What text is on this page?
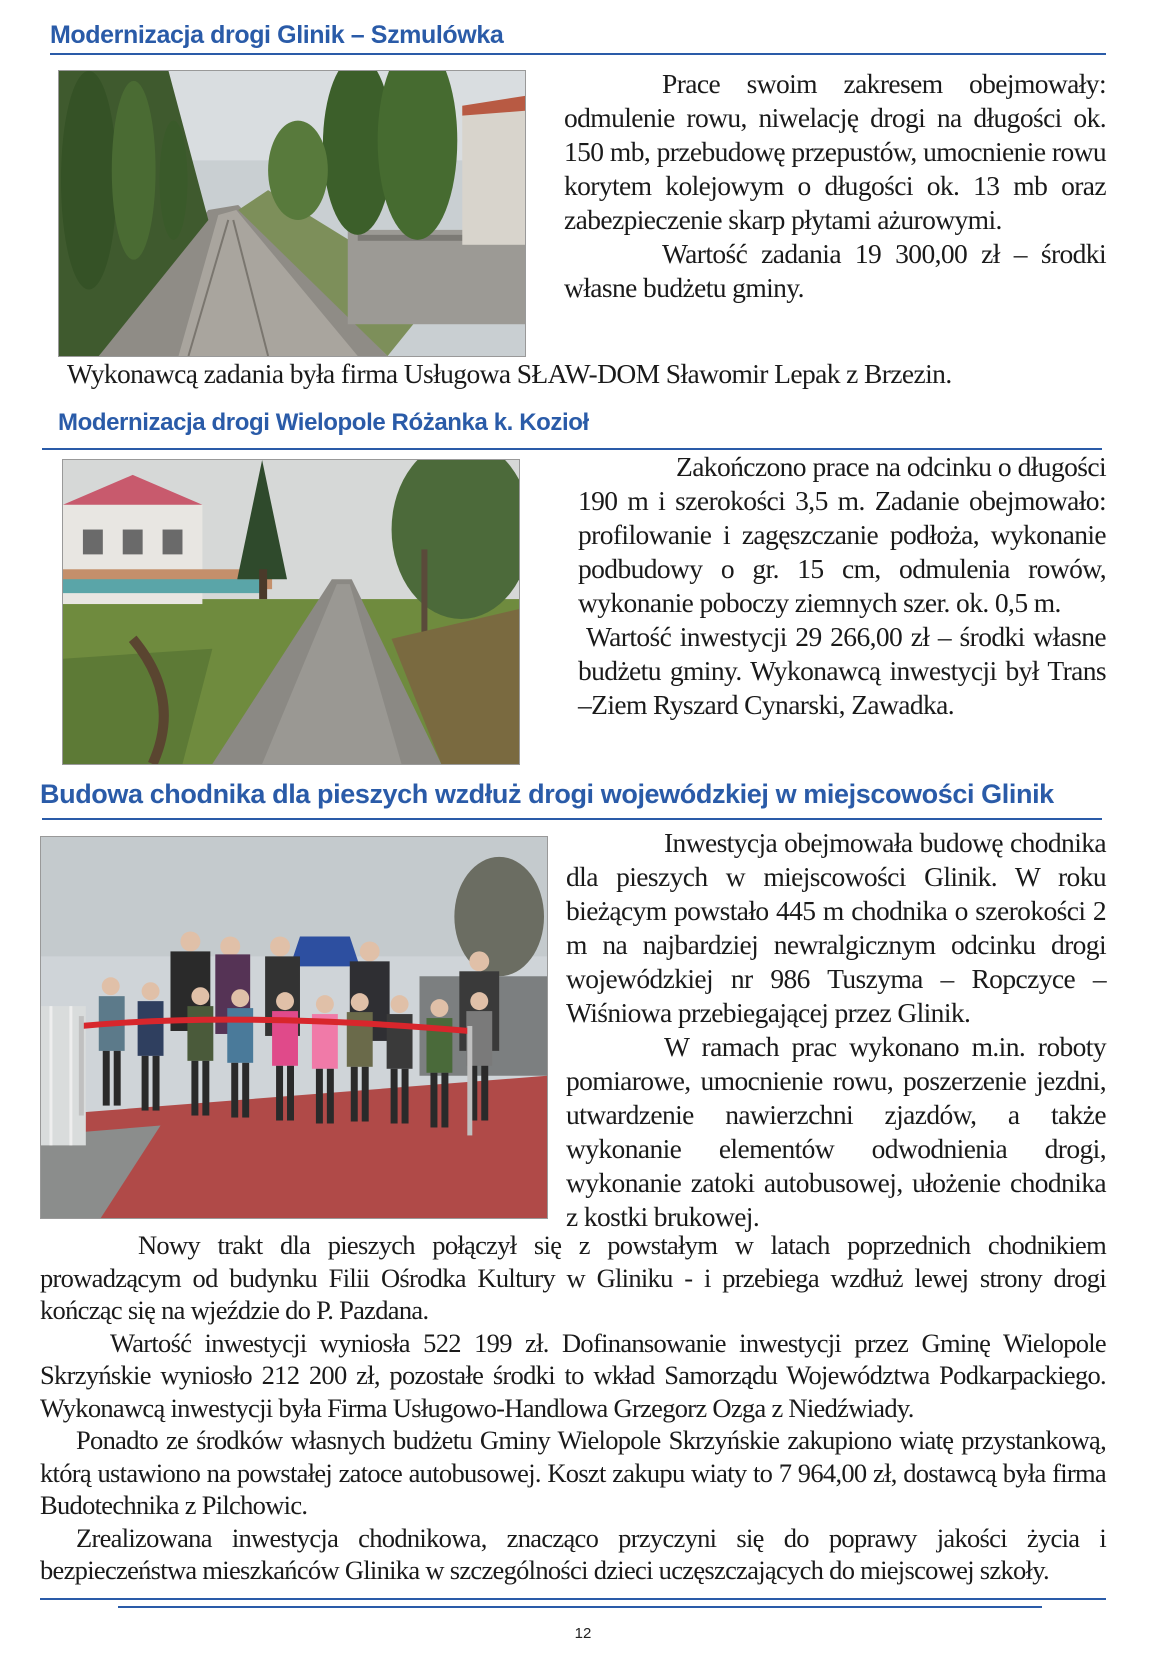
Modernizacja drogi Glinik – Szmulówka

Prace swoim zakresem obejmowały: odmulenie rowu, niwelację drogi na długości ok. 150 mb, przebudowę przepustów, umocnienie rowu korytem kolejowym o długości ok. 13 mb oraz zabezpieczenie skarp płytami ażurowymi.

Wartość zadania 19 300,00 zł – środki własne budżetu gminy.

Wykonawcą zadania była firma Usługowa SŁAW-DOM Sławomir Lepak z Brzezin.
Modernizacja drogi Wielopole Różanka k. Kozioł

Zakończono prace na odcinku o długości 190 m i szerokości 3,5 m. Zadanie obejmowało: profilowanie i zagęszczanie podłoża, wykonanie podbudowy o gr. 15 cm, odmulenia rowów, wykonanie poboczy ziemnych szer. ok. 0,5 m.

Wartość inwestycji 29 266,00 zł – środki własne budżetu gminy. Wykonawcą inwestycji był Trans –Ziem Ryszard Cynarski, Zawadka.

Budowa chodnika dla pieszych wzdłuż drogi wojewódzkiej w miejscowości Glinik

Inwestycja obejmowała budowę chodnika dla pieszych w miejscowości Glinik. W roku bieżącym powstało 445 m chodnika o szerokości 2 m na najbardziej newralgicznym odcinku drogi wojewódzkiej nr 986 Tuszyma – Ropczyce – Wiśniowa przebiegającej przez Glinik.

W ramach prac wykonano m.in. roboty pomiarowe, umocnienie rowu, poszerzenie jezdni, utwardzenie nawierzchni zjazdów, a także wykonanie elementów odwodnienia drogi, wykonanie zatoki autobusowej, ułożenie chodnika z kostki brukowej.

Nowy trakt dla pieszych połączył się z powstałym w latach poprzednich chodnikiem prowadzącym od budynku Filii Ośrodka Kultury w Gliniku - i przebiega wzdłuż lewej strony drogi kończąc się na wjeździe do P. Pazdana.

Wartość inwestycji wyniosła 522 199 zł. Dofinansowanie inwestycji przez Gminę Wielopole Skrzyńskie wyniosło 212 200 zł, pozostałe środki to wkład Samorządu Województwa Podkarpackiego. Wykonawcą inwestycji była Firma Usługowo-Handlowa Grzegorz Ozga z Niedźwiady.

Ponadto ze środków własnych budżetu Gminy Wielopole Skrzyńskie zakupiono wiatę przystankową, którą ustawiono na powstałej zatoce autobusowej. Koszt zakupu wiaty to 7 964,00 zł, dostawcą była firma Budotechnika z Pilchowic.

Zrealizowana inwestycja chodnikowa, znacząco przyczyni się do poprawy jakości życia i bezpieczeństwa mieszkańców Glinika w szczególności dzieci uczęszczających do miejscowej szkoły.

12
